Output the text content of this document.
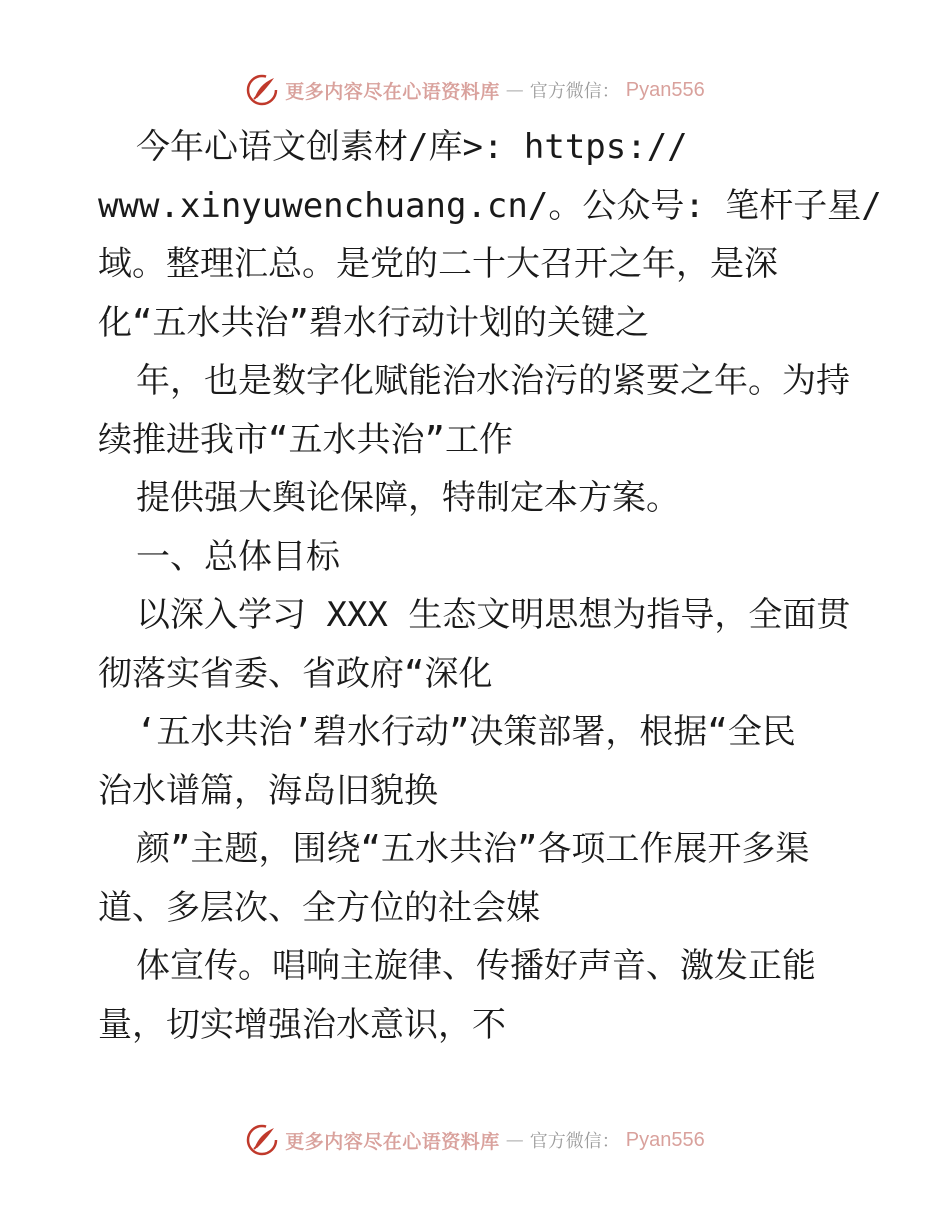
更多内容尽在心语资料库 — 官方微信： Pyan556
今年心语文创素材/库>: https://
www.xinyuwenchuang.cn/。公众号: 笔杆子星/
域。整理汇总。是党的二十大召开之年，是深
化“五水共治”碧水行动计划的关键之
年，也是数字化赋能治水治污的紧要之年。为持
续推进我市“五水共治”工作
提供强大舆论保障，特制定本方案。
一、总体目标
以深入学习 XXX 生态文明思想为指导，全面贯
彻落实省委、省政府“深化
‘五水共治’碧水行动”决策部署，根据“全民
治水谱篇，海岛旧貌换
颜”主题，围绕“五水共治”各项工作展开多渠
道、多层次、全方位的社会媒
体宣传。唱响主旋律、传播好声音、激发正能
量，切实增强治水意识，不
更多内容尽在心语资料库 — 官方微信： Pyan556
